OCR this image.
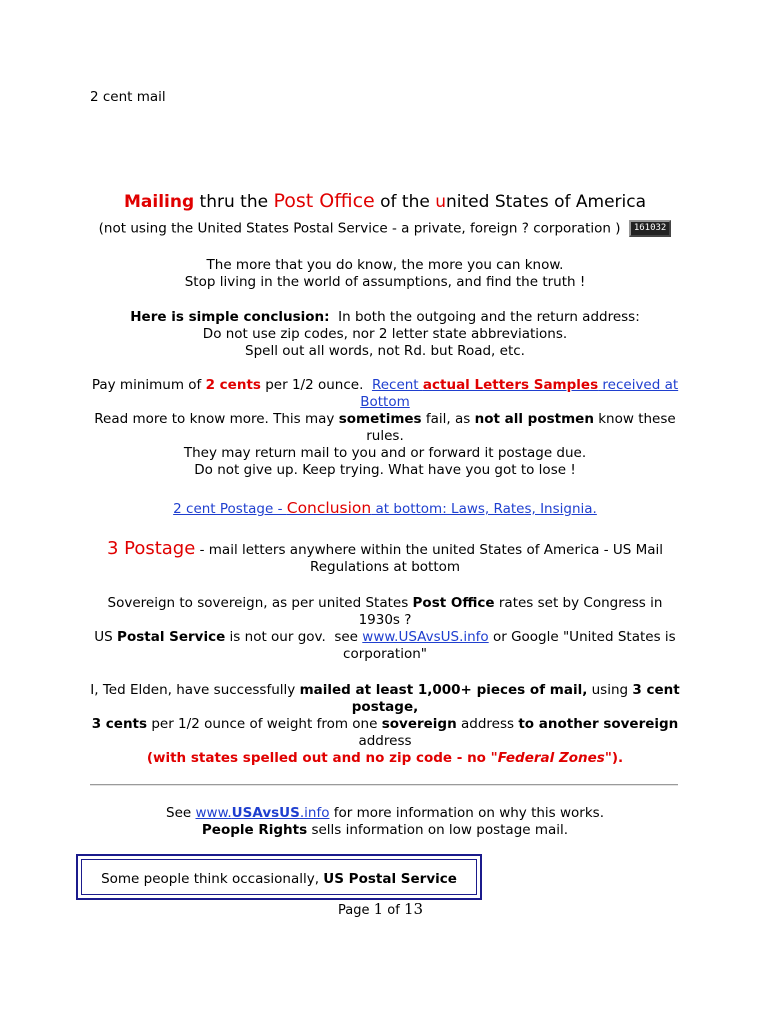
2 cent mail
Mailing thru the Post Office of the united States of America
(not using the United States Postal Service - a private, foreign ? corporation ) 161032
The more that you do know, the more you can know.
Stop living in the world of assumptions, and find the truth !
Here is simple conclusion:  In both the outgoing and the return address:
Do not use zip codes, nor 2 letter state abbreviations.
Spell out all words, not Rd. but Road, etc.
Pay minimum of 2 cents per 1/2 ounce.  Recent actual Letters Samples received at Bottom
Read more to know more. This may sometimes fail, as not all postmen know these rules.
They may return mail to you and or forward it postage due.
Do not give up. Keep trying. What have you got to lose !
2 cent Postage - Conclusion at bottom: Laws, Rates, Insignia.
3 Postage - mail letters anywhere within the united States of America - US Mail Regulations at bottom
Sovereign to sovereign, as per united States Post Office rates set by Congress in 1930s ?
US Postal Service is not our gov.  see www.USAvsUS.info or Google "United States is corporation"
I, Ted Elden, have successfully mailed at least 1,000+ pieces of mail, using 3 cent postage,
3 cents per 1/2 ounce of weight from one sovereign address to another sovereign address
(with states spelled out and no zip code - no "Federal Zones").
See www.USAvsUS.info for more information on why this works.
People Rights sells information on low postage mail.
Some people think occasionally, US Postal Service
Page 1 of 13
